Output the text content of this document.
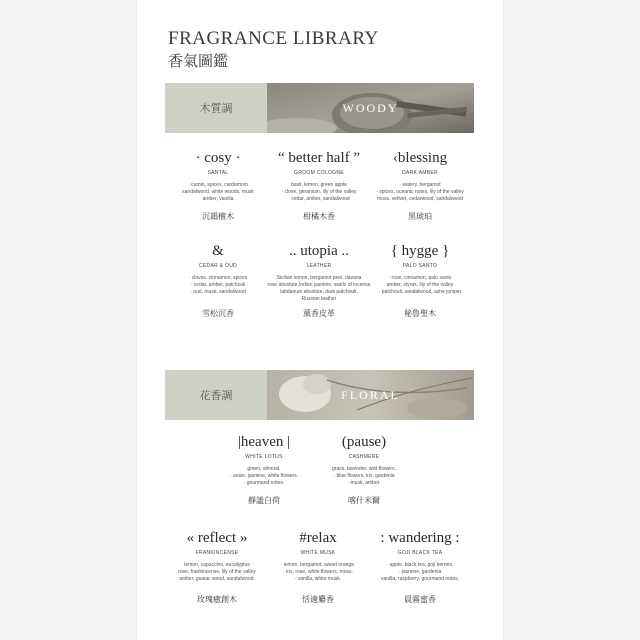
FRAGRANCE LIBRARY
香氣圖鑑
木質調	WOODY
· cosy ·
SANTAL
· cumin, spices, cardamom
sandalwood, white woods, musk
amber, vanilla
沉韻檀木
“ better half ”
GROOM COLOGNE
basil, lemon, green apple
· clove, geranium, lily of the valley
· cedar, amber, sandalwood
柑橘木香
‹blessing
DARK AMBER
· watery, bergamot
· spices, oceanic notes, lily of the valley
moss, vetiver, cedarwood, sandalwood
黑琥珀
&
CEDAR & OUD
· cloves, cinnamon, spices
· cedar, amber, patchouli
· oud, musk, sandalwood
雪松沉香
.. utopia ..
LEATHER
Sicilian lemon, bergamot peel, davana
rose absolute,Indian jasmine, swirls of incense
labdanum absolute, dark patchouli,
Russian leather
薰香皮革
{ hygge }
PALO SANTO
· rose, cinnamon, palo santo
amber, styrax, lily of the valley
· patchouli, sandalwood, ashe juniper
秘魯聖木
花香調	FLORAL
|heaven |
WHITE LOTUS
green, almond.
· anise, jasmine, white flowers.
· gourmand notes.
靜謐白荷
(pause)
CASHMERE
grass, lavender, wild flowers.
· blue flowers, iris, gardenia
· musk, amber.
喀什米爾
« reflect »
FRANKINCENSE
lemon, capuccino, eucalyptus
rose, frankincense, lily of the valley
amber, guaiac wood, sandalwood.
玫瑰癒創木
#relax
WHITE MUSK
· lemon, bergamot, sweet orange.
· iris, rose, white flowers, moss.
· vanilla, white musk.
恬適麝香
: wandering :
GOJI BLACK TEA
· apple, black tea, goji berries.
· jasmine, gardenia
vanilla, raspberry, gourmand notes.
晨霧蜜香
